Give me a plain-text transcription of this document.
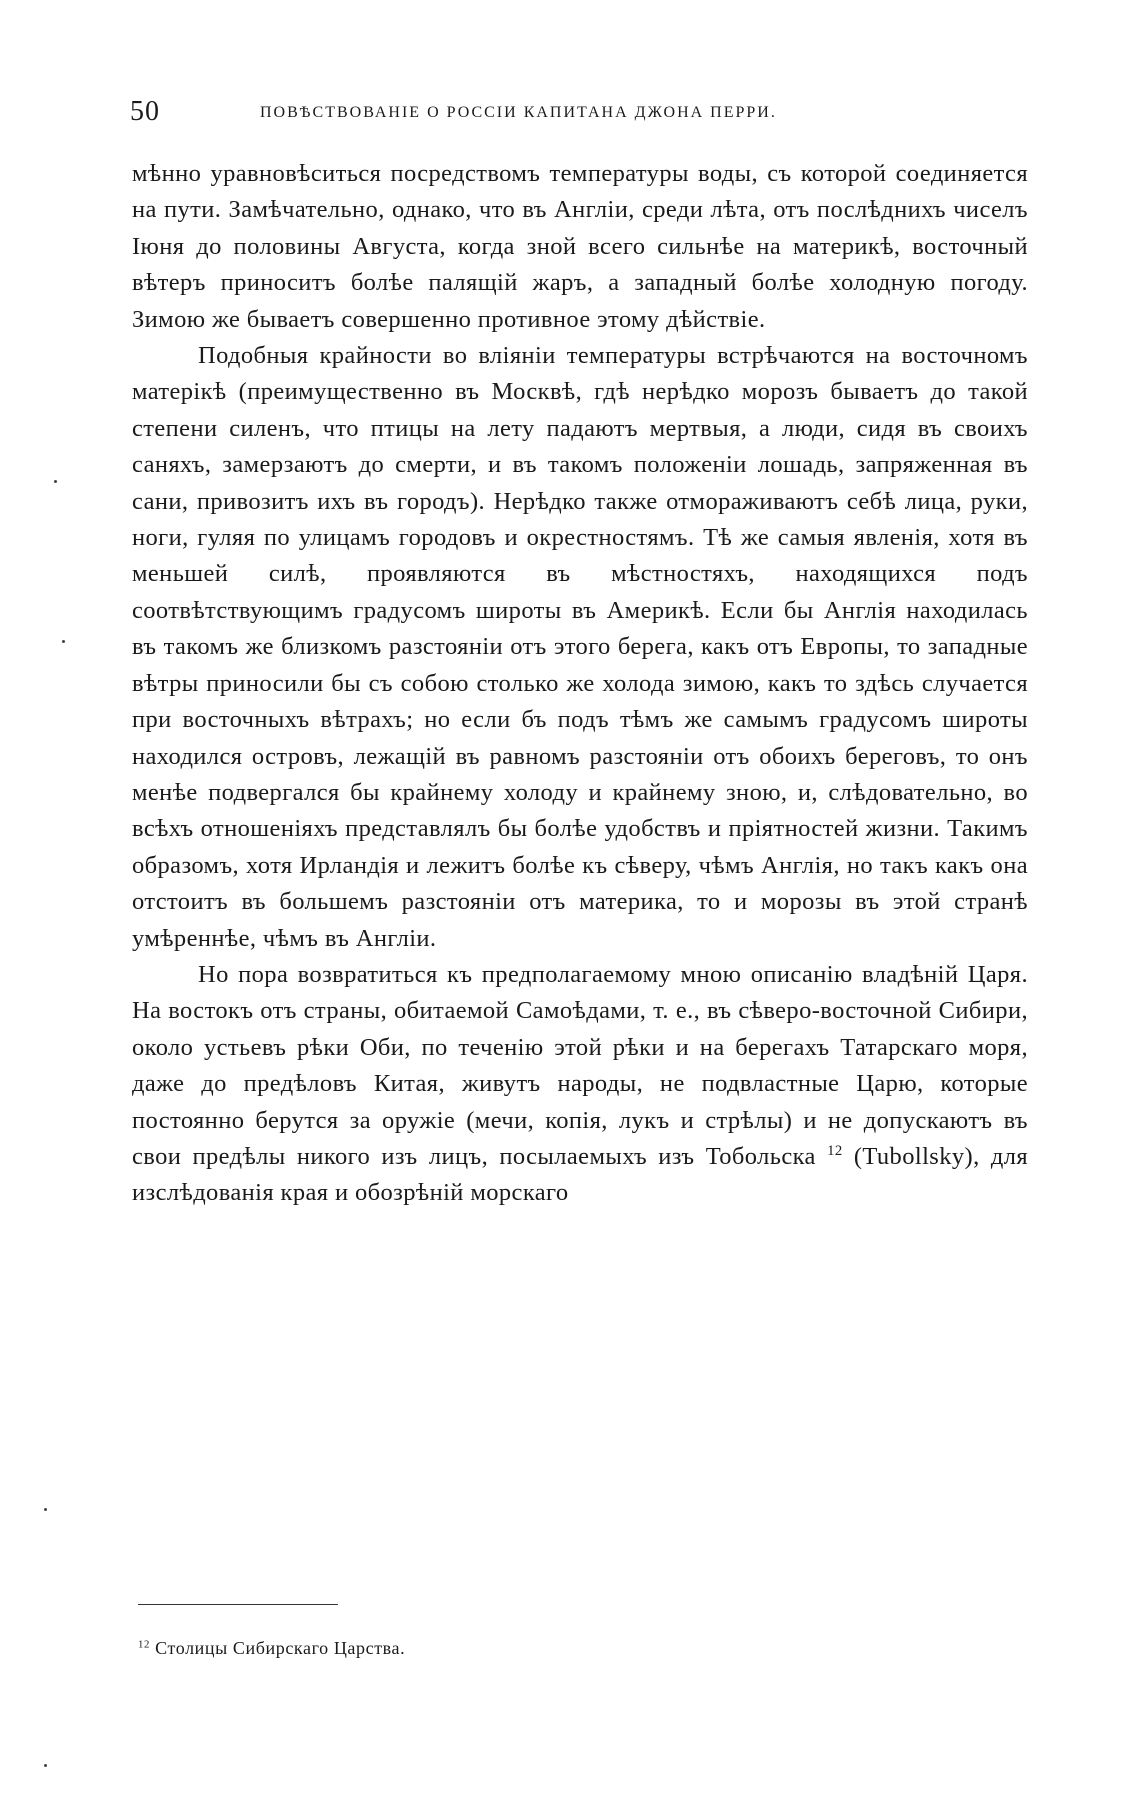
50	ПОВѢСТВОВАНІЕ О РОССІИ КАПИТАНА ДЖОНА ПЕРРИ.

мѣнно уравновѣситься посредствомъ температуры воды, съ которой соединяется на пути. Замѣчательно, однако, что въ Англіи, среди лѣта, отъ послѣднихъ чиселъ Іюня до половины Августа, когда зной всего сильнѣе на материкѣ, восточный вѣтеръ приноситъ болѣе палящій жаръ, а западный болѣе холодную погоду. Зимою же бываетъ совершенно противное этому дѣйствіе.

Подобныя крайности во вліяніи температуры встрѣчаются на восточномъ матерікѣ (преимущественно въ Москвѣ, гдѣ нерѣдко морозъ бываетъ до такой степени силенъ, что птицы на лету падаютъ мертвыя, а люди, сидя въ своихъ саняхъ, замерзаютъ до смерти, и въ такомъ положеніи лошадь, запряженная въ сани, привозитъ ихъ въ городъ). Нерѣдко также отмораживаютъ себѣ лица, руки, ноги, гуляя по улицамъ городовъ и окрестностямъ. Тѣ же самыя явленія, хотя въ меньшей силѣ, проявляются въ мѣстностяхъ, находящихся подъ соотвѣтствующимъ градусомъ широты въ Америкѣ. Если бы Англія находилась въ такомъ же близкомъ разстояніи отъ этого берега, какъ отъ Европы, то западные вѣтры приносили бы съ собою столько же холода зимою, какъ то здѣсь случается при восточныхъ вѣтрахъ; но если бъ подъ тѣмъ же самымъ градусомъ широты находился островъ, лежащій въ равномъ разстояніи отъ обоихъ береговъ, то онъ менѣе подвергался бы крайнему холоду и крайнему зною, и, слѣдовательно, во всѣхъ отношеніяхъ представлялъ бы болѣе удобствъ и пріятностей жизни. Такимъ образомъ, хотя Ирландія и лежитъ болѣе къ сѣверу, чѣмъ Англія, но такъ какъ она отстоитъ въ большемъ разстояніи отъ материка, то и морозы въ этой странѣ умѣреннѣе, чѣмъ въ Англіи.

Но пора возвратиться къ предполагаемому мною описанію владѣній Царя. На востокъ отъ страны, обитаемой Самоѣдами, т. е., въ сѣверо-восточной Сибири, около устьевъ рѣки Оби, по теченію этой рѣки и на берегахъ Татарскаго моря, даже до предѣловъ Китая, живутъ народы, не подвластные Царю, которые постоянно берутся за оружіе (мечи, копія, лукъ и стрѣлы) и не допускаютъ въ свои предѣлы никого изъ лицъ, посылаемыхъ изъ Тобольска $^{12}$ (Tubollsky), для изслѣдованія края и обозрѣній морскаго

$^{12}$ Столицы Сибирскаго Царства.
